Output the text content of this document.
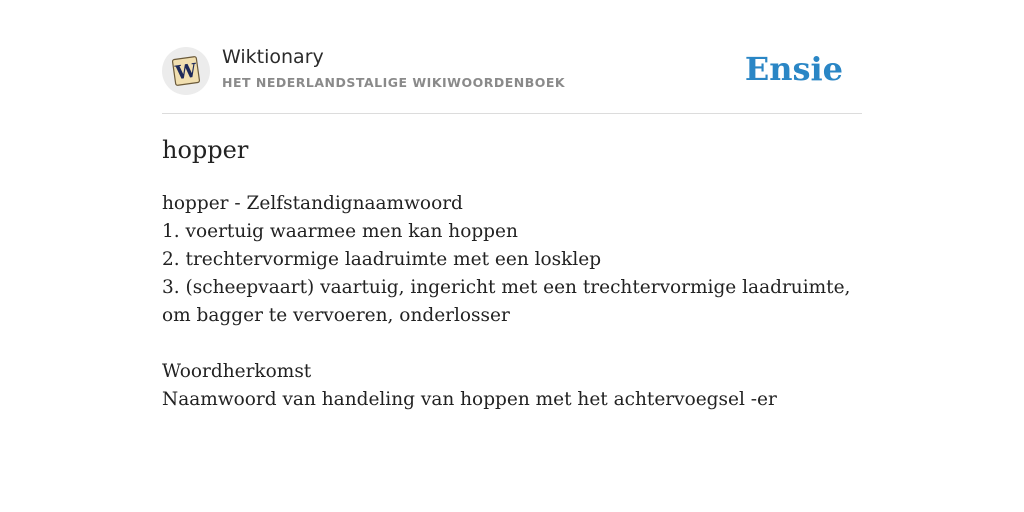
W
Wiktionary
HET NEDERLANDSTALIGE WIKIWOORDENBOEK	Ensie
hopper
hopper - Zelfstandignaamwoord
1. voertuig waarmee men kan hoppen
2. trechtervormige laadruimte met een losklep
3. (scheepvaart) vaartuig, ingericht met een trechtervormige laadruimte, om bagger te vervoeren, onderlosser
Woordherkomst
Naamwoord van handeling van hoppen met het achtervoegsel -er
